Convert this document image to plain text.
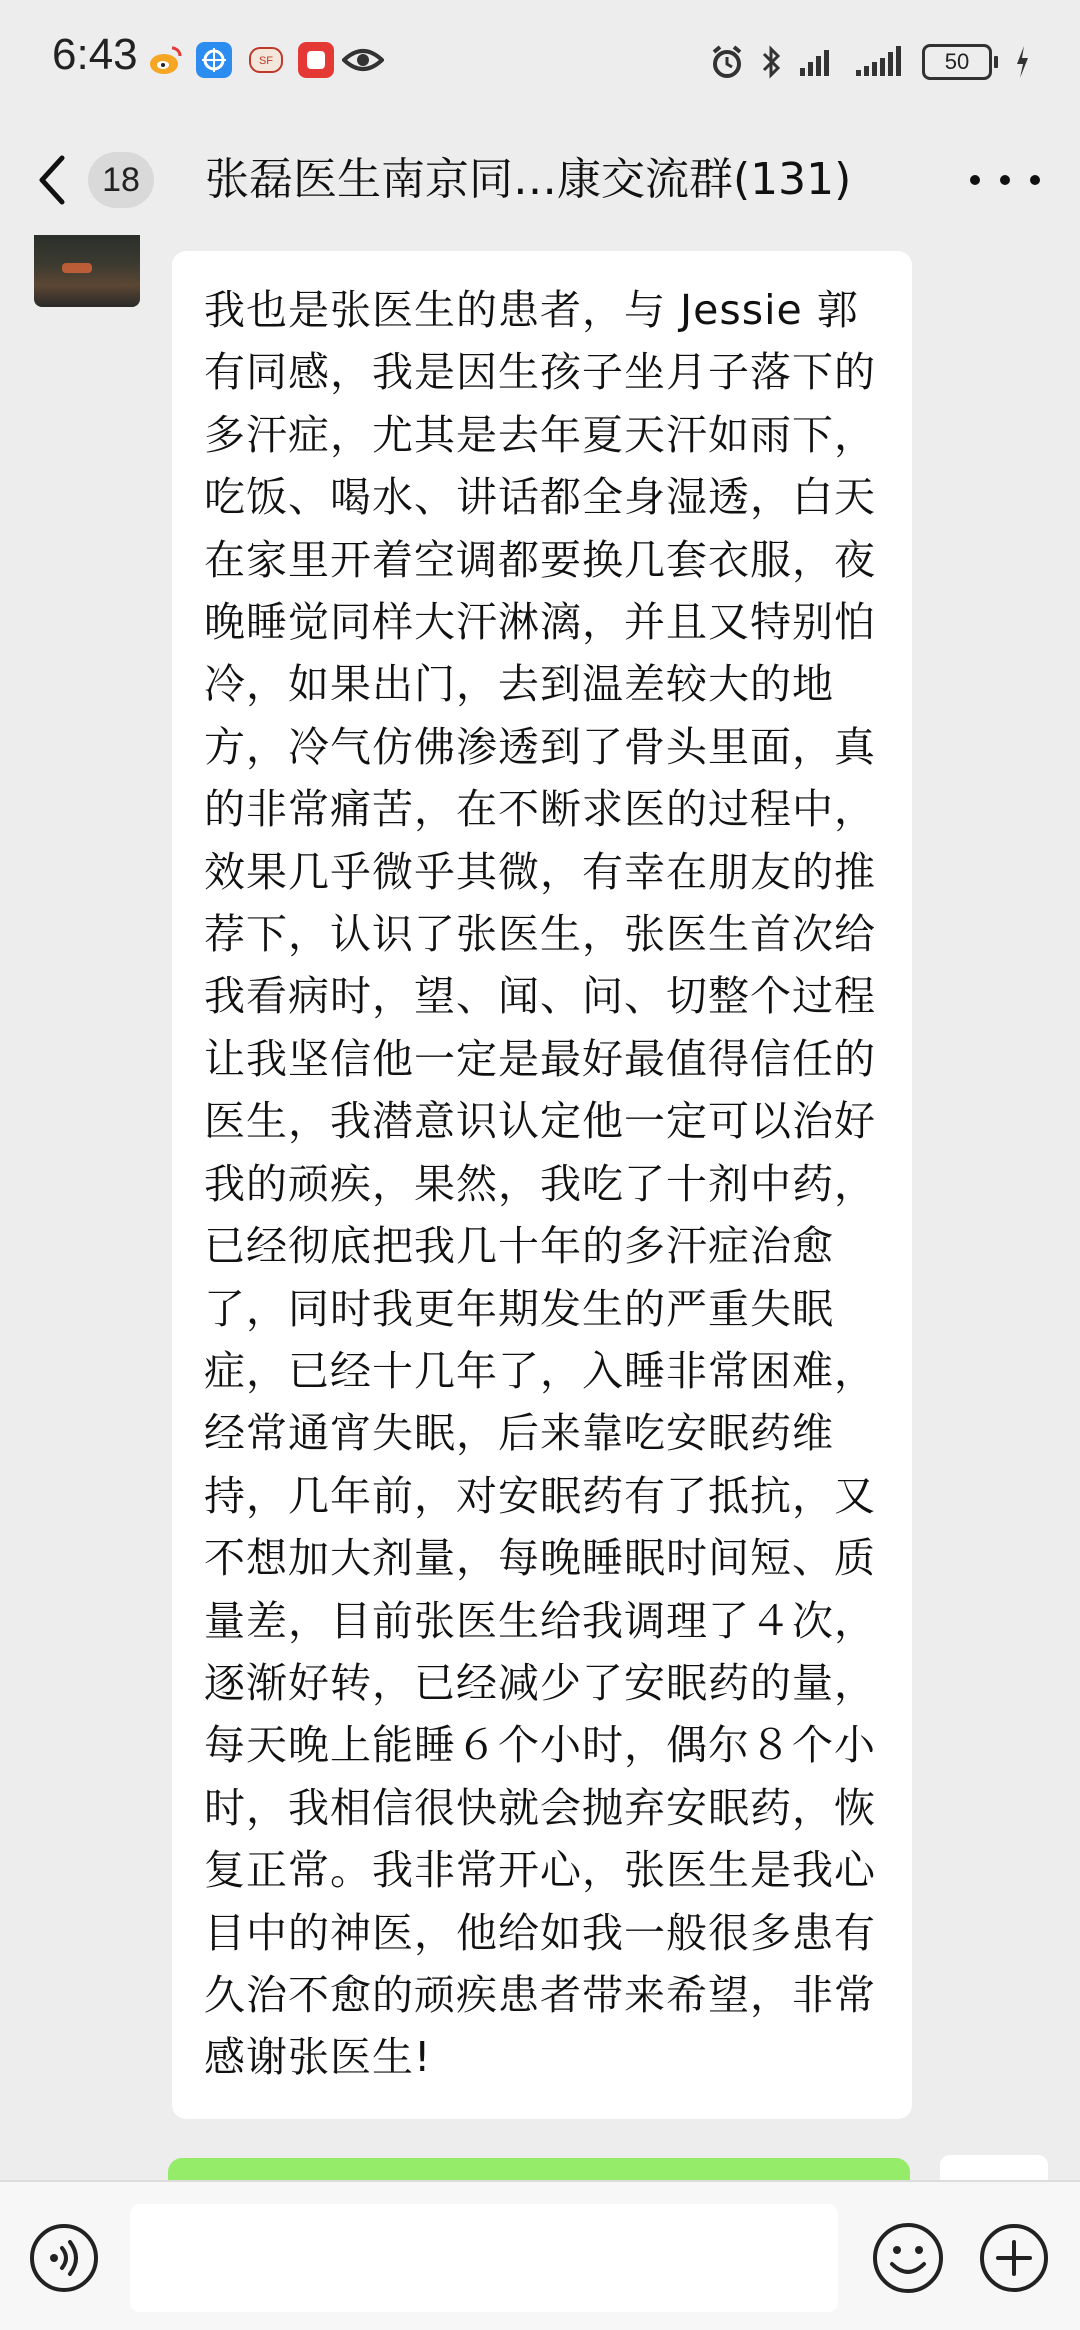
6:43	SF	50
18	张磊医生南京同…康交流群(131)

我也是张医生的患者，与 Jessie 郭有同感，我是因生孩子坐月子落下的多汗症，尤其是去年夏天汗如雨下，吃饭、喝水、讲话都全身湿透，白天在家里开着空调都要换几套衣服，夜晚睡觉同样大汗淋漓，并且又特别怕冷，如果出门，去到温差较大的地方，冷气仿佛渗透到了骨头里面，真的非常痛苦，在不断求医的过程中，效果几乎微乎其微，有幸在朋友的推荐下，认识了张医生，张医生首次给我看病时，望、闻、问、切整个过程让我坚信他一定是最好最值得信任的医生，我潜意识认定他一定可以治好我的顽疾，果然，我吃了十剂中药，已经彻底把我几十年的多汗症治愈了，同时我更年期发生的严重失眠症，已经十几年了，入睡非常困难，经常通宵失眠，后来靠吃安眠药维持，几年前，对安眠药有了抵抗，又不想加大剂量，每晚睡眠时间短、质量差，目前张医生给我调理了４次，逐渐好转，已经减少了安眠药的量，每天晚上能睡６个小时，偶尔８个小时，我相信很快就会抛弃安眠药，恢复正常。我非常开心，张医生是我心目中的神医，他给如我一般很多患有久治不愈的顽疾患者带来希望，非常感谢张医生!
